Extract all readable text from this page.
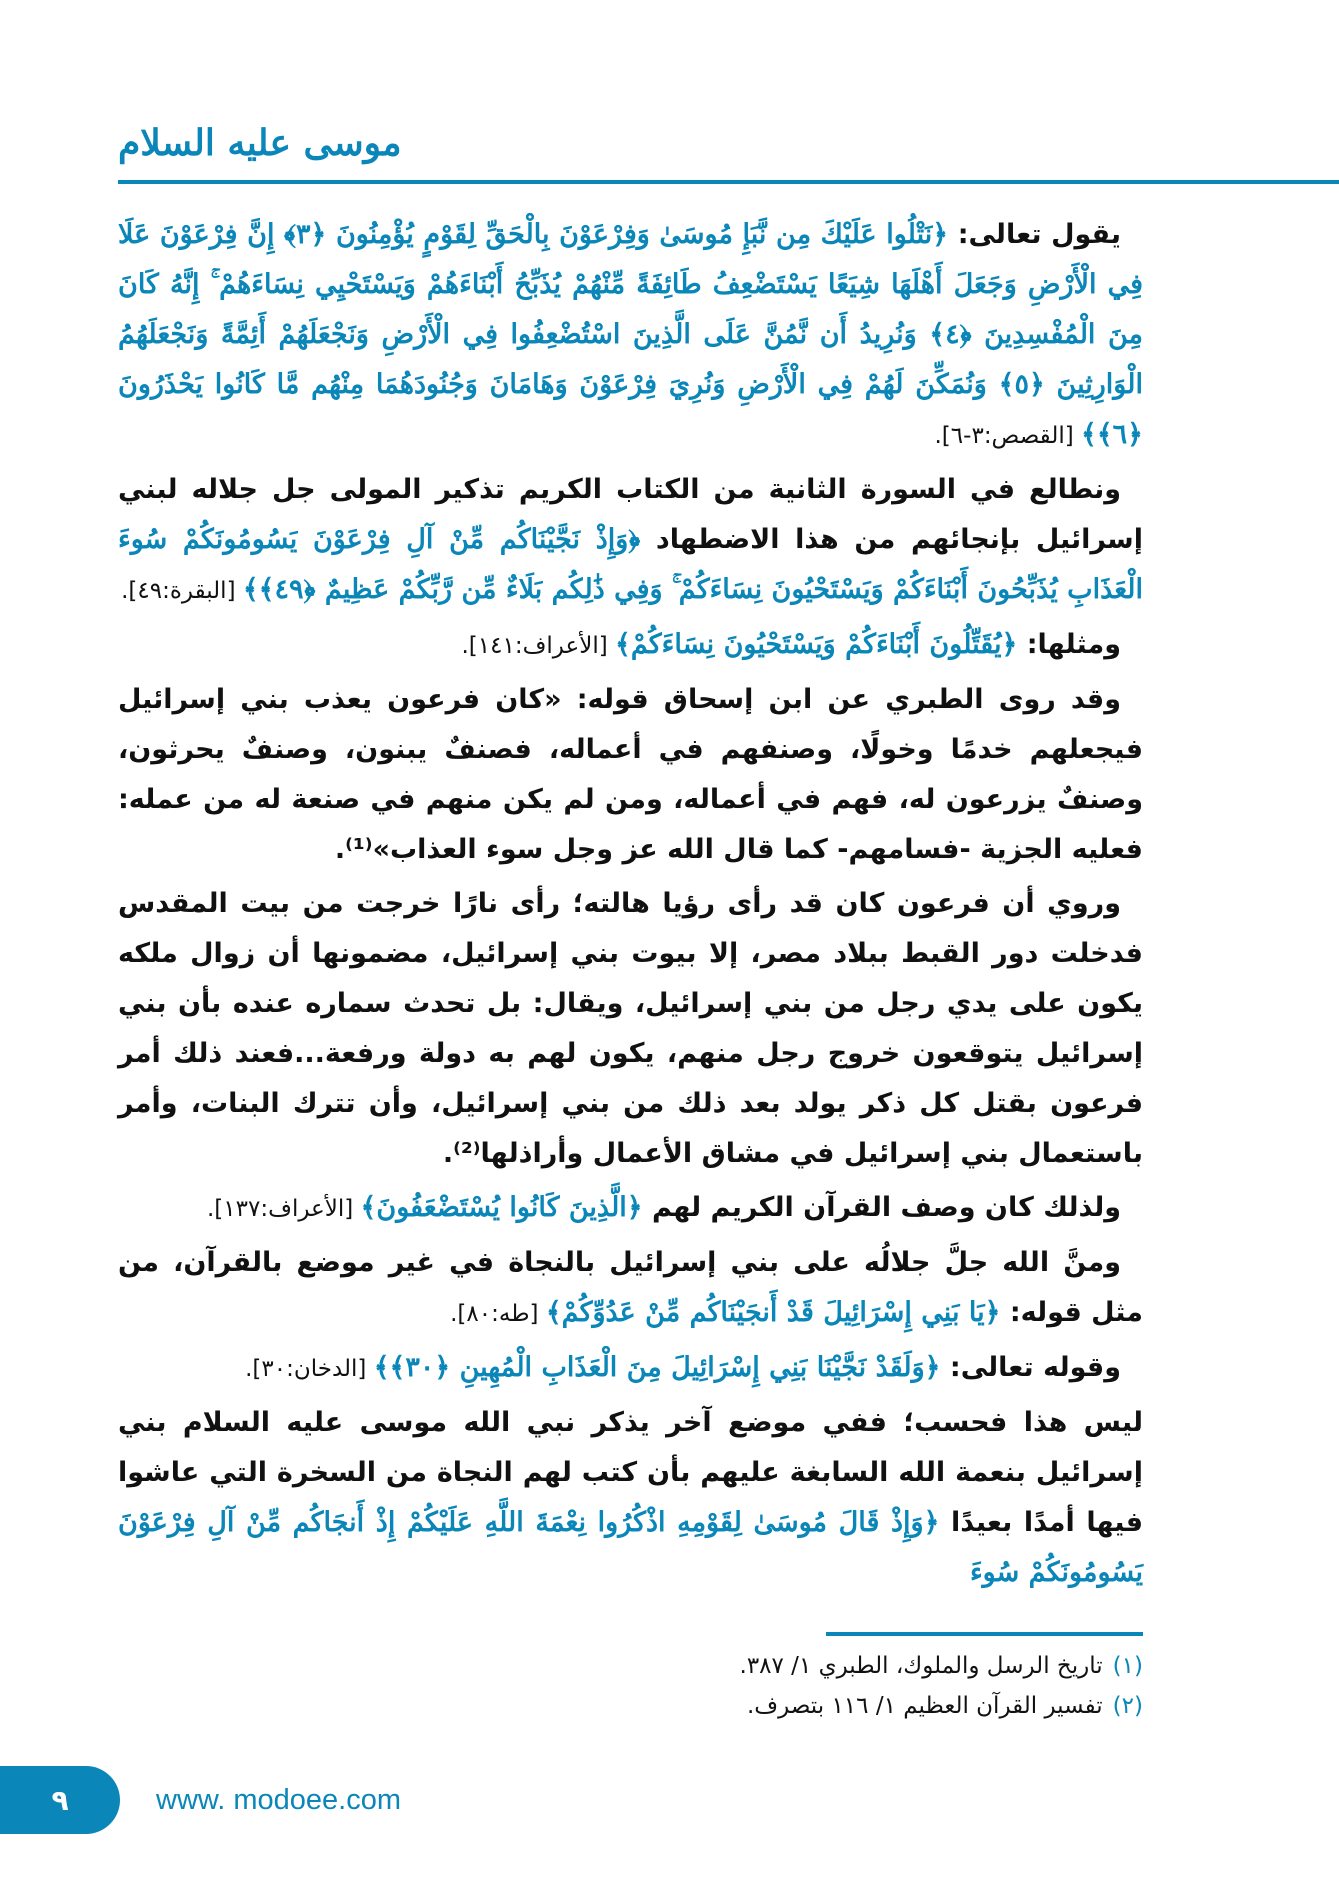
موسى عليه السلام

يقول تعالى: ﴿نَتْلُوا عَلَيْكَ مِن نَّبَإِ مُوسَىٰ وَفِرْعَوْنَ بِالْحَقِّ لِقَوْمٍ يُؤْمِنُونَ ﴿٣﴾ إِنَّ فِرْعَوْنَ عَلَا فِي الْأَرْضِ وَجَعَلَ أَهْلَهَا شِيَعًا يَسْتَضْعِفُ طَائِفَةً مِّنْهُمْ يُذَبِّحُ أَبْنَاءَهُمْ وَيَسْتَحْيِي نِسَاءَهُمْ ۚ إِنَّهُ كَانَ مِنَ الْمُفْسِدِينَ ﴿٤﴾ وَنُرِيدُ أَن نَّمُنَّ عَلَى الَّذِينَ اسْتُضْعِفُوا فِي الْأَرْضِ وَنَجْعَلَهُمْ أَئِمَّةً وَنَجْعَلَهُمُ الْوَارِثِينَ ﴿٥﴾ وَنُمَكِّنَ لَهُمْ فِي الْأَرْضِ وَنُرِيَ فِرْعَوْنَ وَهَامَانَ وَجُنُودَهُمَا مِنْهُم مَّا كَانُوا يَحْذَرُونَ ﴿٦﴾﴾ [القصص:٣-٦].

ونطالع في السورة الثانية من الكتاب الكريم تذكير المولى جل جلاله لبني إسرائيل بإنجائهم من هذا الاضطهاد ﴿وَإِذْ نَجَّيْنَاكُم مِّنْ آلِ فِرْعَوْنَ يَسُومُونَكُمْ سُوءَ الْعَذَابِ يُذَبِّحُونَ أَبْنَاءَكُمْ وَيَسْتَحْيُونَ نِسَاءَكُمْ ۚ وَفِي ذَٰلِكُم بَلَاءٌ مِّن رَّبِّكُمْ عَظِيمٌ ﴿٤٩﴾﴾ [البقرة:٤٩].

ومثلها: ﴿يُقَتِّلُونَ أَبْنَاءَكُمْ وَيَسْتَحْيُونَ نِسَاءَكُمْ﴾ [الأعراف:١٤١].

وقد روى الطبري عن ابن إسحاق قوله: «كان فرعون يعذب بني إسرائيل فيجعلهم خدمًا وخولًا، وصنفهم في أعماله، فصنفٌ يبنون، وصنفٌ يحرثون، وصنفٌ يزرعون له، فهم في أعماله، ومن لم يكن منهم في صنعة له من عمله: فعليه الجزية -فسامهم- كما قال الله عز وجل سوء العذاب»⁽¹⁾.

وروي أن فرعون كان قد رأى رؤيا هالته؛ رأى نارًا خرجت من بيت المقدس فدخلت دور القبط ببلاد مصر، إلا بيوت بني إسرائيل، مضمونها أن زوال ملكه يكون على يدي رجل من بني إسرائيل، ويقال: بل تحدث سماره عنده بأن بني إسرائيل يتوقعون خروج رجل منهم، يكون لهم به دولة ورفعة...فعند ذلك أمر فرعون بقتل كل ذكر يولد بعد ذلك من بني إسرائيل، وأن تترك البنات، وأمر باستعمال بني إسرائيل في مشاق الأعمال وأراذلها⁽²⁾.

ولذلك كان وصف القرآن الكريم لهم ﴿الَّذِينَ كَانُوا يُسْتَضْعَفُونَ﴾ [الأعراف:١٣٧].

ومنَّ الله جلَّ جلالُه على بني إسرائيل بالنجاة في غير موضع بالقرآن، من مثل قوله: ﴿يَا بَنِي إِسْرَائِيلَ قَدْ أَنجَيْنَاكُم مِّنْ عَدُوِّكُمْ﴾ [طه:٨٠].

وقوله تعالى: ﴿وَلَقَدْ نَجَّيْنَا بَنِي إِسْرَائِيلَ مِنَ الْعَذَابِ الْمُهِينِ ﴿٣٠﴾﴾ [الدخان:٣٠].

ليس هذا فحسب؛ ففي موضع آخر يذكر نبي الله موسى عليه السلام بني إسرائيل بنعمة الله السابغة عليهم بأن كتب لهم النجاة من السخرة التي عاشوا فيها أمدًا بعيدًا ﴿وَإِذْ قَالَ مُوسَىٰ لِقَوْمِهِ اذْكُرُوا نِعْمَةَ اللَّهِ عَلَيْكُمْ إِذْ أَنجَاكُم مِّنْ آلِ فِرْعَوْنَ يَسُومُونَكُمْ سُوءَ

(١)تاريخ الرسل والملوك، الطبري ١/ ٣٨٧.
(٢)تفسير القرآن العظيم ١/ ١١٦ بتصرف.
٩	www. modoee.com
